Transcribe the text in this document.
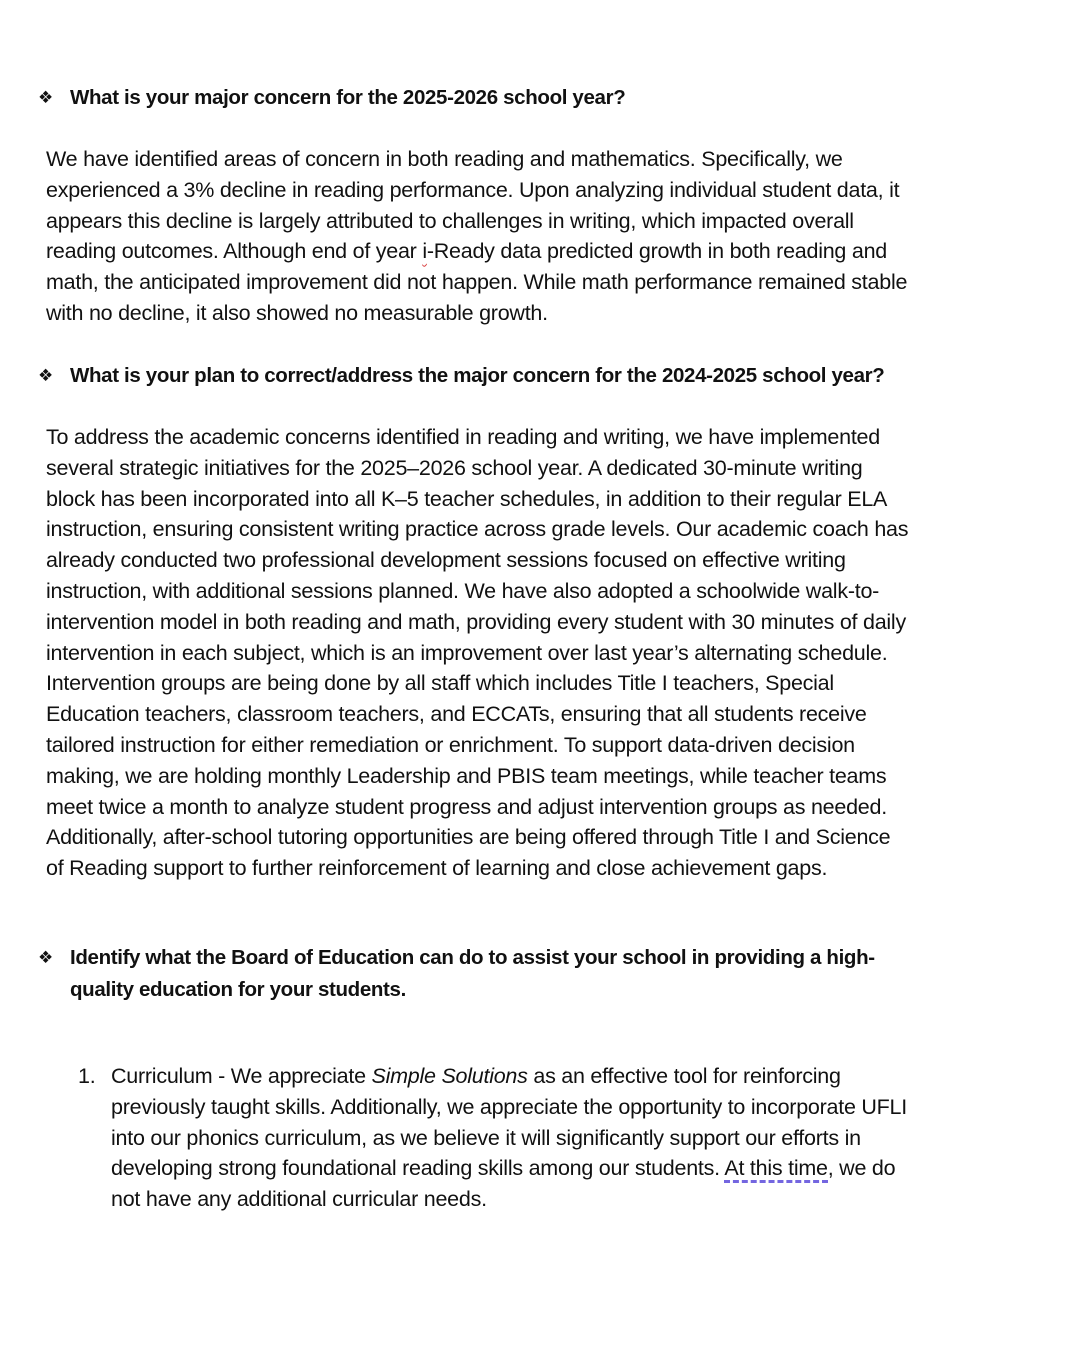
❖ What is your major concern for the 2025-2026 school year?

We have identified areas of concern in both reading and mathematics. Specifically, we
experienced a 3% decline in reading performance. Upon analyzing individual student data, it
appears this decline is largely attributed to challenges in writing, which impacted overall
reading outcomes. Although end of year i-Ready data predicted growth in both reading and
math, the anticipated improvement did not happen. While math performance remained stable
with no decline, it also showed no measurable growth.

❖ What is your plan to correct/address the major concern for the 2024-2025 school year?

To address the academic concerns identified in reading and writing, we have implemented
several strategic initiatives for the 2025–2026 school year. A dedicated 30-minute writing
block has been incorporated into all K–5 teacher schedules, in addition to their regular ELA
instruction, ensuring consistent writing practice across grade levels. Our academic coach has
already conducted two professional development sessions focused on effective writing
instruction, with additional sessions planned. We have also adopted a schoolwide walk-to-
intervention model in both reading and math, providing every student with 30 minutes of daily
intervention in each subject, which is an improvement over last year’s alternating schedule.
Intervention groups are being done by all staff which includes Title I teachers, Special
Education teachers, classroom teachers, and ECCATs, ensuring that all students receive
tailored instruction for either remediation or enrichment. To support data-driven decision
making, we are holding monthly Leadership and PBIS team meetings, while teacher teams
meet twice a month to analyze student progress and adjust intervention groups as needed.
Additionally, after-school tutoring opportunities are being offered through Title I and Science
of Reading support to further reinforcement of learning and close achievement gaps.

❖ Identify what the Board of Education can do to assist your school in providing a high-
quality education for your students.
1. Curriculum - We appreciate Simple Solutions as an effective tool for reinforcing
previously taught skills. Additionally, we appreciate the opportunity to incorporate UFLI
into our phonics curriculum, as we believe it will significantly support our efforts in
developing strong foundational reading skills among our students. At this time, we do
not have any additional curricular needs.
